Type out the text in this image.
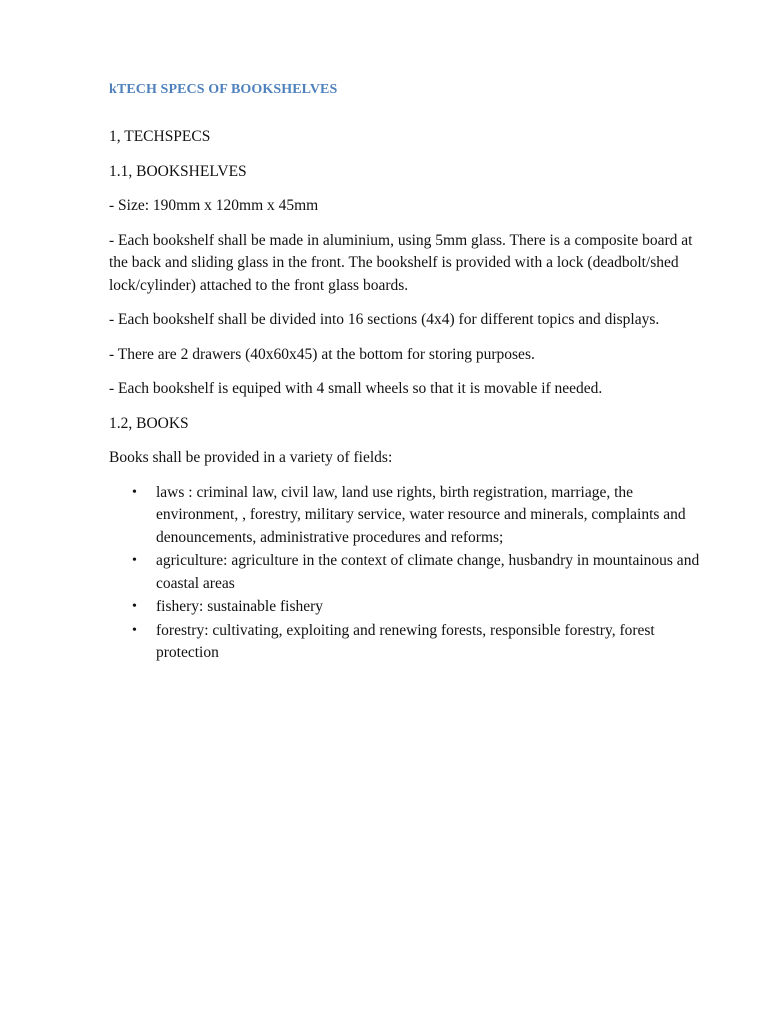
kTECH SPECS OF BOOKSHELVES
1, TECHSPECS
1.1, BOOKSHELVES
- Size: 190mm x 120mm x 45mm
- Each bookshelf shall be made in aluminium, using 5mm glass. There is a composite board at the back and sliding glass in the front. The bookshelf is provided with a lock (deadbolt/shed lock/cylinder) attached to the front glass boards.
- Each bookshelf shall be divided into 16 sections (4x4) for different topics and displays.
- There are 2 drawers (40x60x45) at the bottom for storing purposes.
- Each bookshelf is equiped with 4 small wheels so that it is movable if needed.
1.2, BOOKS
Books shall be provided in a variety of fields:
• laws : criminal law, civil law, land use rights, birth registration, marriage, the environment, , forestry, military service, water resource and minerals, complaints and denouncements, administrative procedures and reforms;
• agriculture: agriculture in the context of climate change, husbandry in mountainous and coastal areas
• fishery: sustainable fishery
• forestry: cultivating, exploiting and renewing forests, responsible forestry, forest protection
